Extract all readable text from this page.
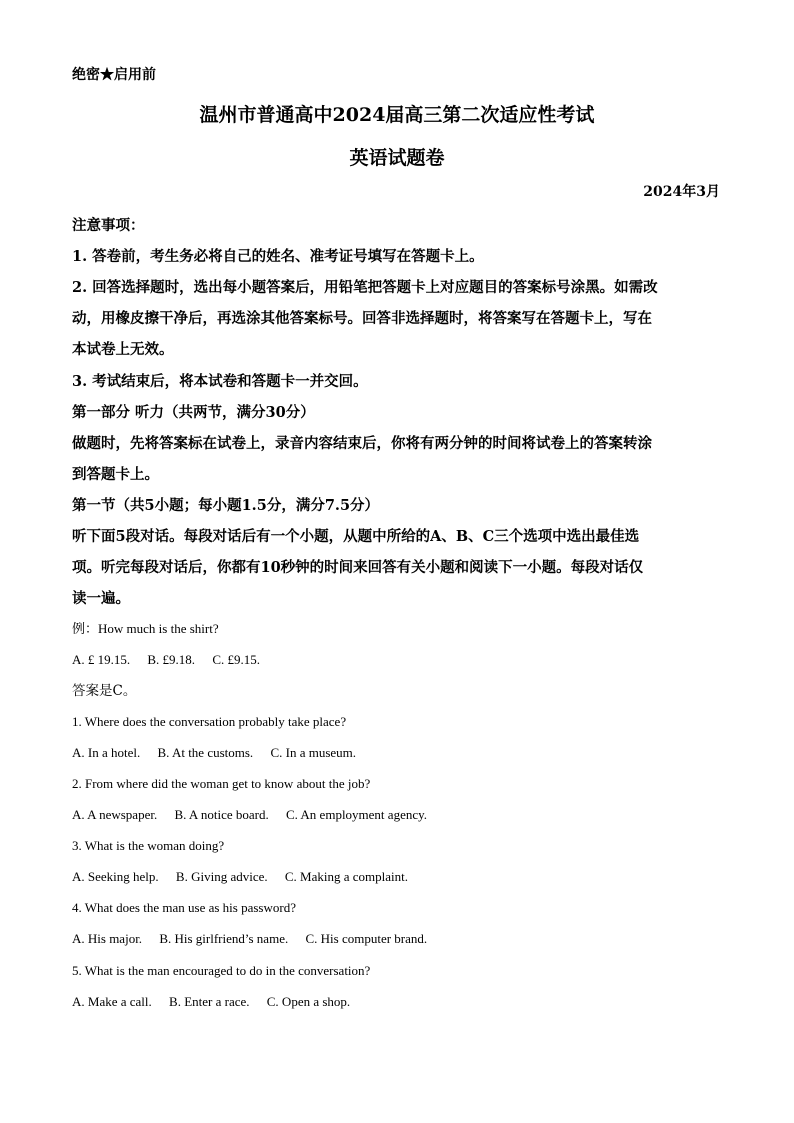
绝密★启用前
温州市普通高中2024届高三第二次适应性考试
英语试题卷
2024年3月

注意事项：

1. 答卷前，考生务必将自己的姓名、准考证号填写在答题卡上。

2. 回答选择题时，选出每小题答案后，用铅笔把答题卡上对应题目的答案标号涂黑。如需改

动，用橡皮擦干净后，再选涂其他答案标号。回答非选择题时，将答案写在答题卡上，写在

本试卷上无效。

3. 考试结束后，将本试卷和答题卡一并交回。

第一部分 听力（共两节，满分30分）

做题时，先将答案标在试卷上，录音内容结束后，你将有两分钟的时间将试卷上的答案转涂

到答题卡上。

第一节（共5小题；每小题1.5分，满分7.5分）

听下面5段对话。每段对话后有一个小题，从题中所给的A、B、C三个选项中选出最佳选

项。听完每段对话后，你都有10秒钟的时间来回答有关小题和阅读下一小题。每段对话仅

读一遍。

例：How much is the shirt?

A. £ 19.15. B. £9.18. C. £9.15.

答案是C。

1. Where does the conversation probably take place?

A. In a hotel. B. At the customs. C. In a museum.

2. From where did the woman get to know about the job?

A. A newspaper. B. A notice board. C. An employment agency.

3. What is the woman doing?

A. Seeking help. B. Giving advice. C. Making a complaint.

4. What does the man use as his password?

A. His major. B. His girlfriend’s name. C. His computer brand.

5. What is the man encouraged to do in the conversation?

A. Make a call. B. Enter a race. C. Open a shop.
